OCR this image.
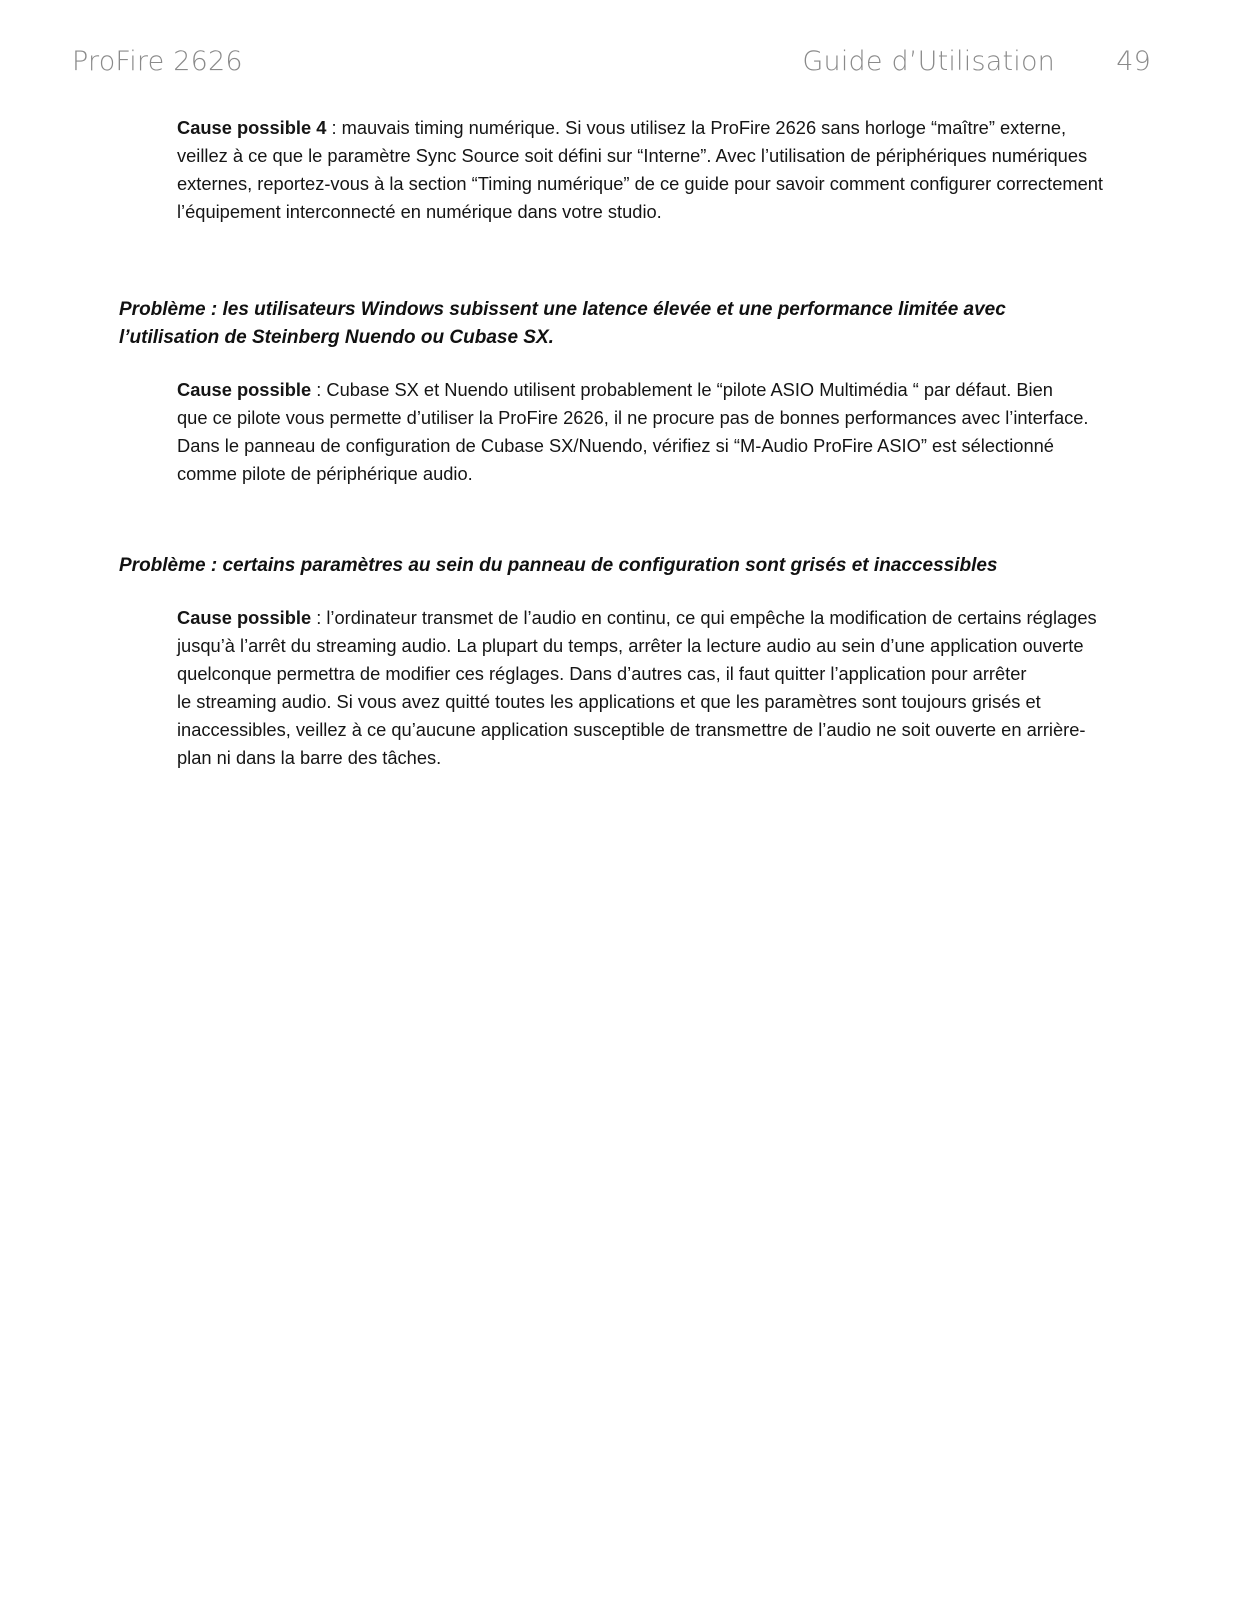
ProFire 2626	Guide d’Utilisation 49
Cause possible 4 : mauvais timing numérique. Si vous utilisez la ProFire 2626 sans horloge “maître” externe,
veillez à ce que le paramètre Sync Source soit défini sur “Interne”. Avec l’utilisation de périphériques numériques
externes, reportez-vous à la section “Timing numérique” de ce guide pour savoir comment configurer correctement
l’équipement interconnecté en numérique dans votre studio.
Problème : les utilisateurs Windows subissent une latence élevée et une performance limitée avec
l’utilisation de Steinberg Nuendo ou Cubase SX.
Cause possible : Cubase SX et Nuendo utilisent probablement le “pilote ASIO Multimédia “ par défaut. Bien
que ce pilote vous permette d’utiliser la ProFire 2626, il ne procure pas de bonnes performances avec l’interface.
Dans le panneau de configuration de Cubase SX/Nuendo, vérifiez si “M-Audio ProFire ASIO” est sélectionné
comme pilote de périphérique audio.
Problème : certains paramètres au sein du panneau de configuration sont grisés et inaccessibles
Cause possible : l’ordinateur transmet de l’audio en continu, ce qui empêche la modification de certains réglages
jusqu’à l’arrêt du streaming audio. La plupart du temps, arrêter la lecture audio au sein d’une application ouverte
quelconque permettra de modifier ces réglages. Dans d’autres cas, il faut quitter l’application pour arrêter
le streaming audio. Si vous avez quitté toutes les applications et que les paramètres sont toujours grisés et
inaccessibles, veillez à ce qu’aucune application susceptible de transmettre de l’audio ne soit ouverte en arrière-
plan ni dans la barre des tâches.
